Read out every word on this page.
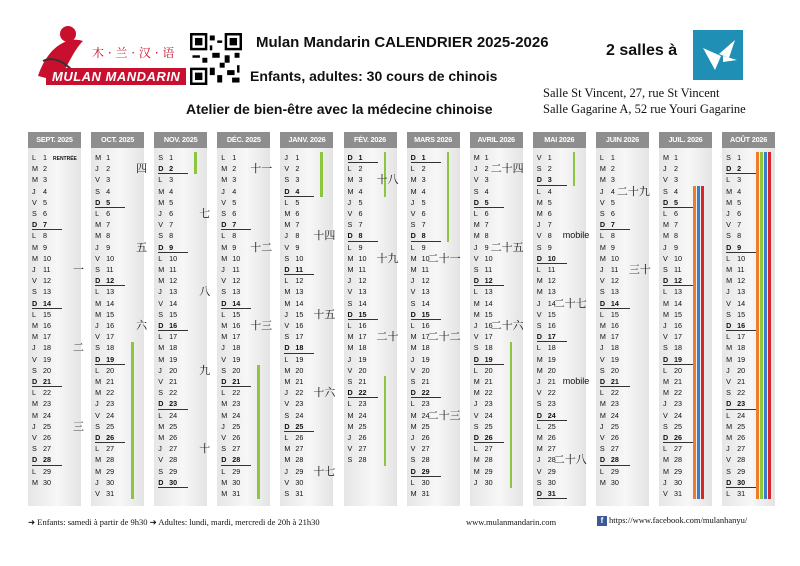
木 · 兰 · 汉 · 语
MULAN MANDARIN
Mulan Mandarin CALENDRIER 2025-2026
Enfants, adultes: 30 cours de chinois
Atelier de bien-être avec la médecine chinoise
2 salles à
Salle St Vincent, 27, rue St Vincent
Salle Gagarine A, 52 rue Youri Gagarine
SEPT. 2025
L 1 RENTRÉE
M 2
M 3
J 4
V 5
S 6
D 7
L 8
M 9
M 10
J 11
V 12
S 13
D 14
L 15
M 16
M 17
J 18
V 19
S 20
D 21
L 22
M 23
M 24
J 25
V 26
S 27
D 28
L 29
M 30
OCT. 2025
M 1
J 2
V 3
S 4
D 5
L 6
M 7
M 8
J 9
V 10
S 11
D 12
L 13
M 14
M 15
J 16
V 17
S 18
D 19
L 20
M 21
M 22
J 23
V 24
S 25
D 26
L 27
M 28
M 29
J 30
V 31
NOV. 2025
S 1
D 2
L 3
M 4
M 5
J 6
V 7
S 8
D 9
L 10
M 11
M 12
J 13
V 14
S 15
D 16
L 17
M 18
M 19
J 20
V 21
S 22
D 23
L 24
M 25
M 26
J 27
V 28
S 29
D 30
DÉC. 2025
L 1
M 2
M 3
J 4
V 5
S 6
D 7
L 8
M 9
M 10
J 11
V 12
S 13
D 14
L 15
M 16
M 17
J 18
V 19
S 20
D 21
L 22
M 23
M 24
J 25
V 26
S 27
D 28
L 29
M 30
M 31
JANV. 2026
J 1
V 2
S 3
D 4
L 5
M 6
M 7
J 8
V 9
S 10
D 11
L 12
M 13
M 14
J 15
V 16
S 17
D 18
L 19
M 20
M 21
J 22
V 23
S 24
D 25
L 26
M 27
M 28
J 29
V 30
S 31
FÉV. 2026
D 1
L 2
M 3
M 4
J 5
V 6
S 7
D 8
L 9
M 10
M 11
J 12
V 13
S 14
D 15
L 16
M 17
M 18
J 19
V 20
S 21
D 22
L 23
M 24
M 25
J 26
V 27
S 28
MARS 2026
D 1
L 2
M 3
M 4
J 5
V 6
S 7
D 8
L 9
M 10
M 11
J 12
V 13
S 14
D 15
L 16
M 17
M 18
J 19
V 20
S 21
D 22
L 23
M 24
M 25
J 26
V 27
S 28
D 29
L 30
M 31
AVRIL 2026
M 1
J 2
V 3
S 4
D 5
L 6
M 7
M 8
J 9
V 10
S 11
D 12
L 13
M 14
M 15
J 16
V 17
S 18
D 19
L 20
M 21
M 22
J 23
V 24
S 25
D 26
L 27
M 28
M 29
J 30
MAI 2026
V 1
S 2
D 3
L 4
M 5
M 6
J 7
V 8
S 9
D 10
L 11
M 12
M 13
J 14
V 15
S 16
D 17
L 18
M 19
M 20
J 21
V 22
S 23
D 24
L 25
M 26
M 27
J 28
V 29
S 30
D 31
JUIN 2026
L 1
M 2
M 3
J 4
V 5
S 6
D 7
L 8
M 9
M 10
J 11
V 12
S 13
D 14
L 15
M 16
M 17
J 18
V 19
S 20
D 21
L 22
M 23
M 24
J 25
V 26
S 27
D 28
L 29
M 30
JUIL. 2026
M 1
J 2
V 3
S 4
D 5
L 6
M 7
M 8
J 9
V 10
S 11
D 12
L 13
M 14
M 15
J 16
V 17
S 18
D 19
L 20
M 21
M 22
J 23
V 24
S 25
D 26
L 27
M 28
M 29
J 30
V 31
AOÛT 2026
S 1
D 2
L 3
M 4
M 5
J 6
V 7
S 8
D 9
L 10
M 11
M 12
J 13
V 14
S 15
D 16
L 17
M 18
M 19
J 20
V 21
S 22
D 23
L 24
M 25
M 26
J 27
V 28
S 29
D 30
L 31
一
二
三
四
五
六
七
八
九
十
十一
十二
十三
十四
十五
十六
十七
十八
十九
二十
二十一
二十二
二十三
二十四
二十五
二十六
二十七
二十八
二十九
三十
mobile
mobile
➜ Enfants: samedi à partir de 9h30 ➜ Adultes: lundi, mardi, mercredi de 20h à 21h30	www.mulanmandarin.com	f https://www.facebook.com/mulanhanyu/
